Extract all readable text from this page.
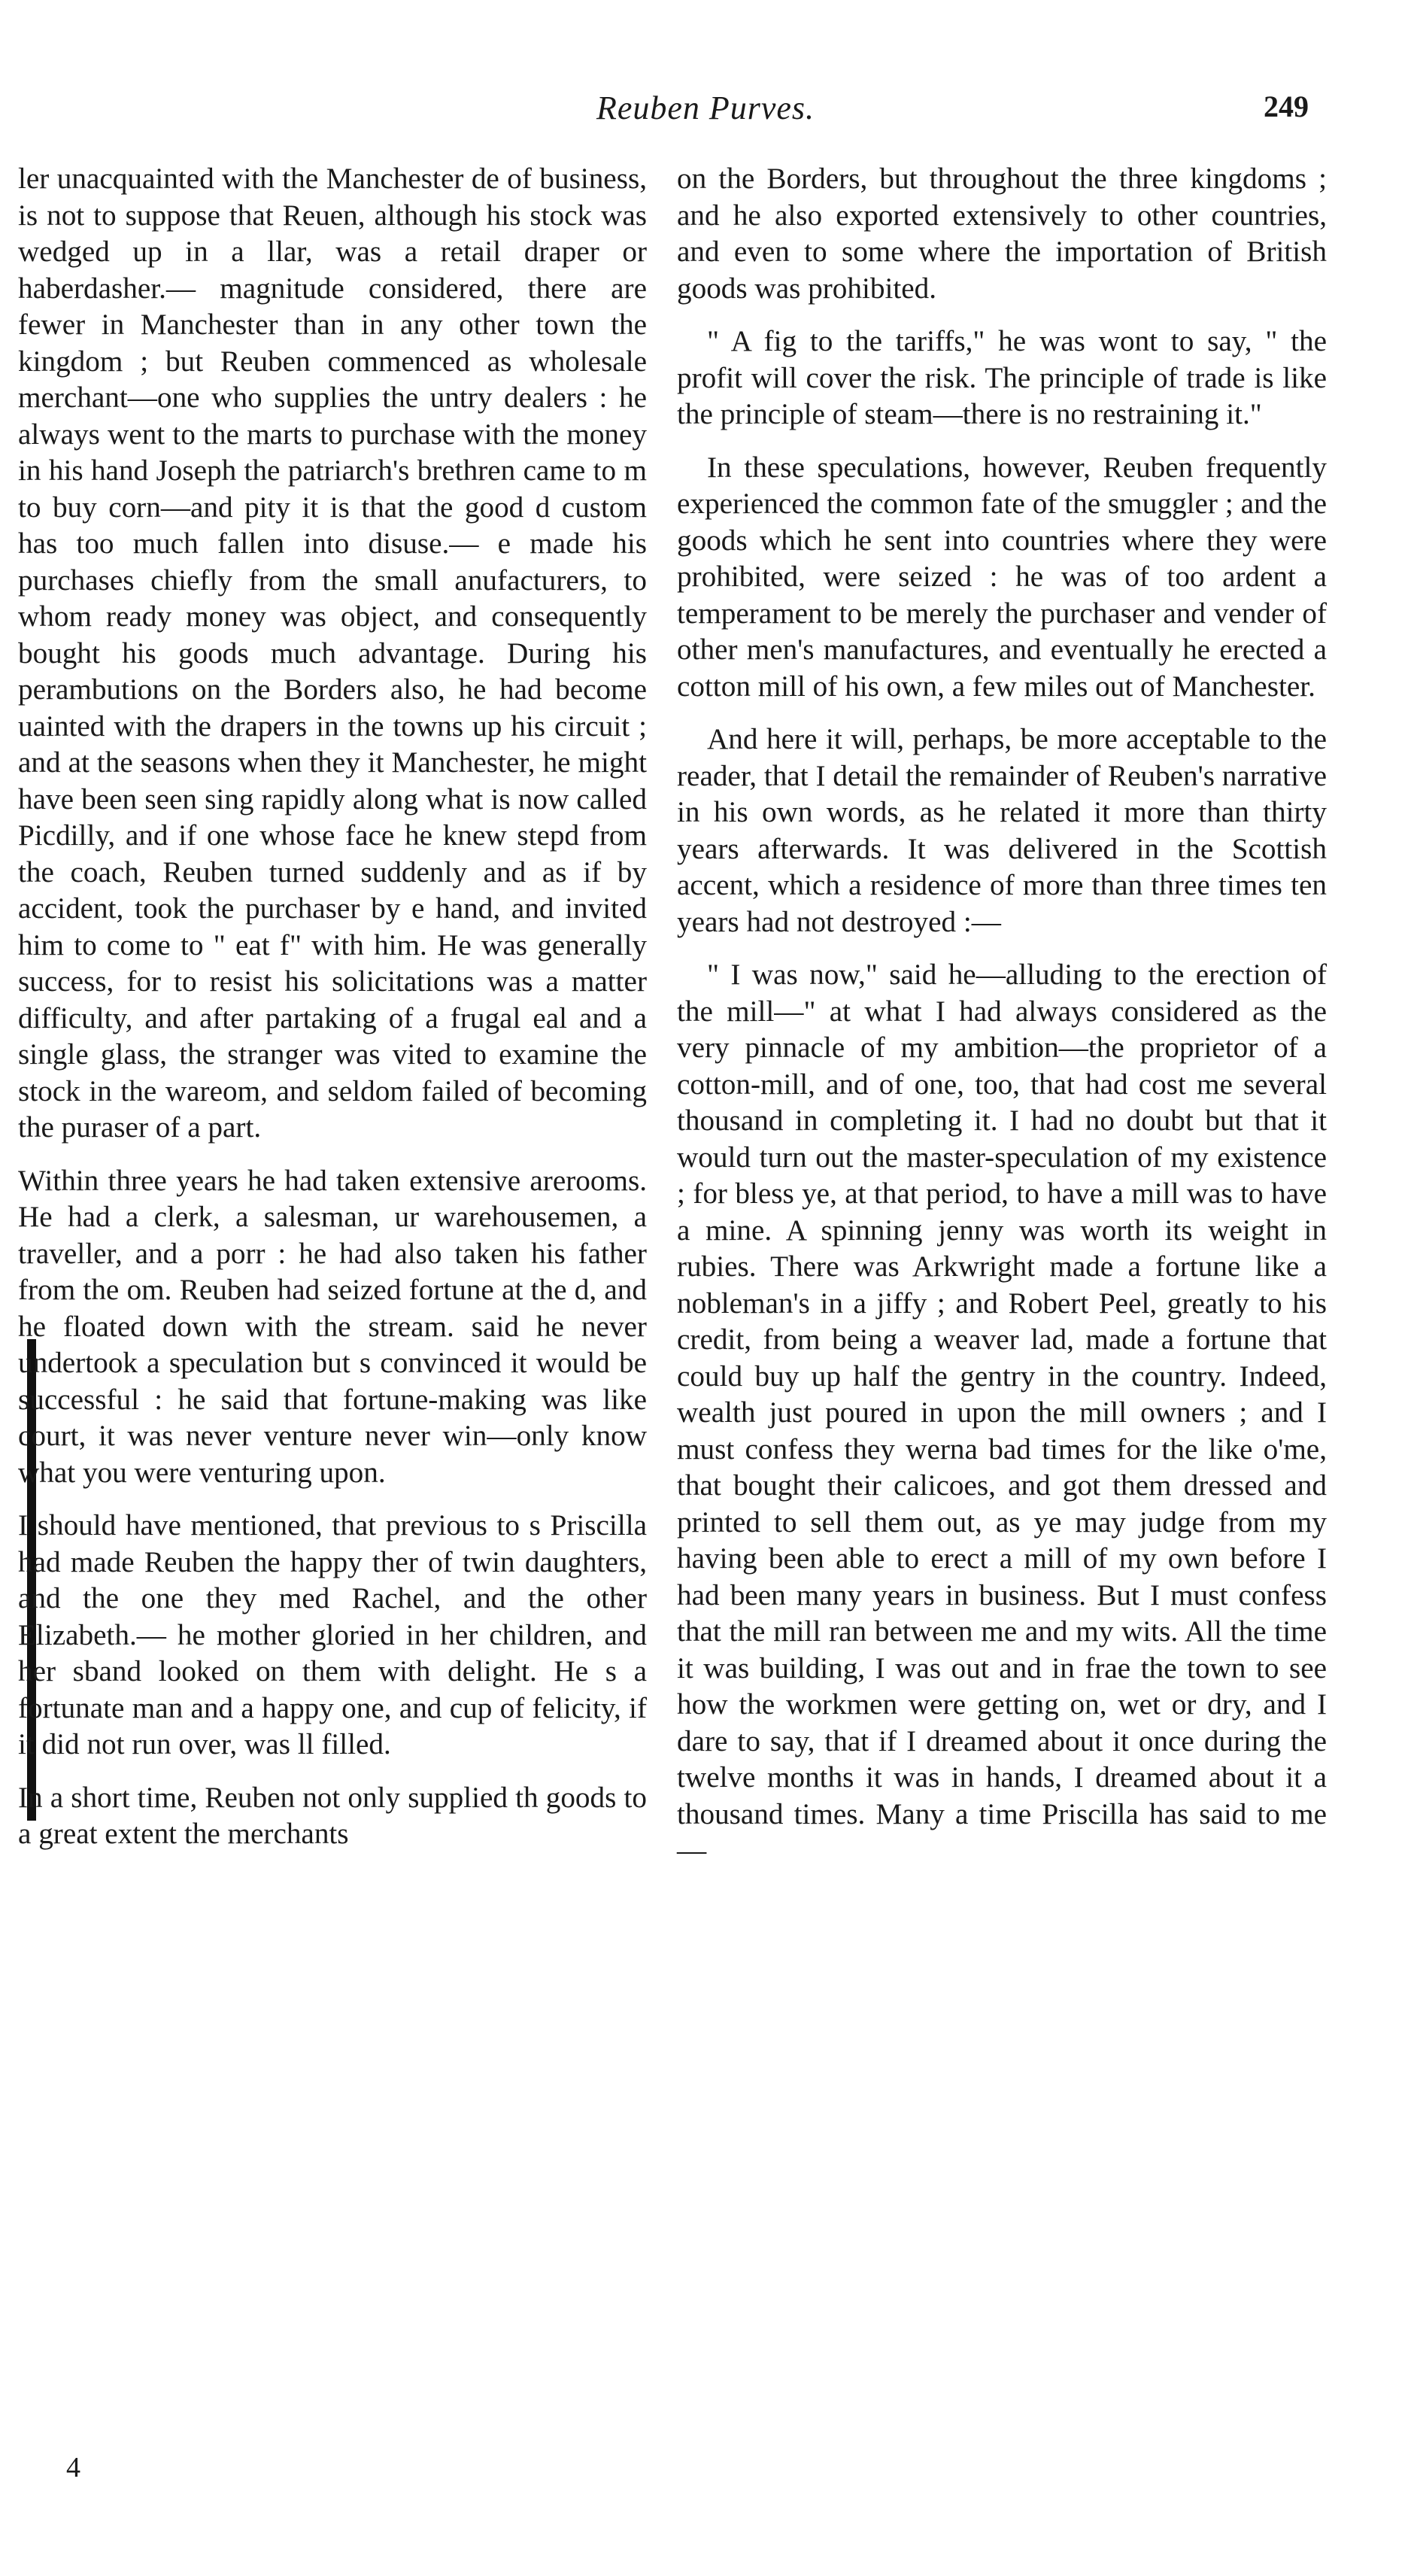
Reuben Purves.	249

ler unacquainted with the Manchester de of business, is not to suppose that Reuen, although his stock was wedged up in a llar, was a retail draper or haberdasher.— magnitude considered, there are fewer in Manchester than in any other town the kingdom ; but Reuben commenced as wholesale merchant—one who supplies the untry dealers : he always went to the marts to purchase with the money in his hand Joseph the patriarch's brethren came to m to buy corn—and pity it is that the good d custom has too much fallen into disuse.— e made his purchases chiefly from the small anufacturers, to whom ready money was object, and consequently bought his goods much advantage. During his perambutions on the Borders also, he had become uainted with the drapers in the towns up his circuit ; and at the seasons when they it Manchester, he might have been seen sing rapidly along what is now called Picdilly, and if one whose face he knew stepd from the coach, Reuben turned suddenly and as if by accident, took the purchaser by e hand, and invited him to come to " eat f" with him. He was generally success, for to resist his solicitations was a matter difficulty, and after partaking of a frugal eal and a single glass, the stranger was vited to examine the stock in the wareom, and seldom failed of becoming the puraser of a part.

Within three years he had taken extensive arerooms. He had a clerk, a salesman, ur warehousemen, a traveller, and a porr : he had also taken his father from the om. Reuben had seized fortune at the d, and he floated down with the stream. said he never undertook a speculation but s convinced it would be successful : he said that fortune-making was like court, it was never venture never win—only know what you were venturing upon.

I should have mentioned, that previous to s Priscilla had made Reuben the happy ther of twin daughters, and the one they med Rachel, and the other Elizabeth.— he mother gloried in her children, and her sband looked on them with delight. He s a fortunate man and a happy one, and cup of felicity, if it did not run over, was ll filled.

In a short time, Reuben not only supplied th goods to a great extent the merchants

4

on the Borders, but throughout the three kingdoms ; and he also exported extensively to other countries, and even to some where the importation of British goods was prohibited.

" A fig to the tariffs," he was wont to say, " the profit will cover the risk. The principle of trade is like the principle of steam—there is no restraining it."

In these speculations, however, Reuben frequently experienced the common fate of the smuggler ; and the goods which he sent into countries where they were prohibited, were seized : he was of too ardent a temperament to be merely the purchaser and vender of other men's manufactures, and eventually he erected a cotton mill of his own, a few miles out of Manchester.

And here it will, perhaps, be more acceptable to the reader, that I detail the remainder of Reuben's narrative in his own words, as he related it more than thirty years afterwards. It was delivered in the Scottish accent, which a residence of more than three times ten years had not destroyed :—

" I was now," said he—alluding to the erection of the mill—" at what I had always considered as the very pinnacle of my ambition—the proprietor of a cotton-mill, and of one, too, that had cost me several thousand in completing it. I had no doubt but that it would turn out the master-speculation of my existence ; for bless ye, at that period, to have a mill was to have a mine. A spinning jenny was worth its weight in rubies. There was Arkwright made a fortune like a nobleman's in a jiffy ; and Robert Peel, greatly to his credit, from being a weaver lad, made a fortune that could buy up half the gentry in the country. Indeed, wealth just poured in upon the mill owners ; and I must confess they werna bad times for the like o'me, that bought their calicoes, and got them dressed and printed to sell them out, as ye may judge from my having been able to erect a mill of my own before I had been many years in business. But I must confess that the mill ran between me and my wits. All the time it was building, I was out and in frae the town to see how the workmen were getting on, wet or dry, and I dare to say, that if I dreamed about it once during the twelve months it was in hands, I dreamed about it a thousand times. Many a time Priscilla has said to me—
